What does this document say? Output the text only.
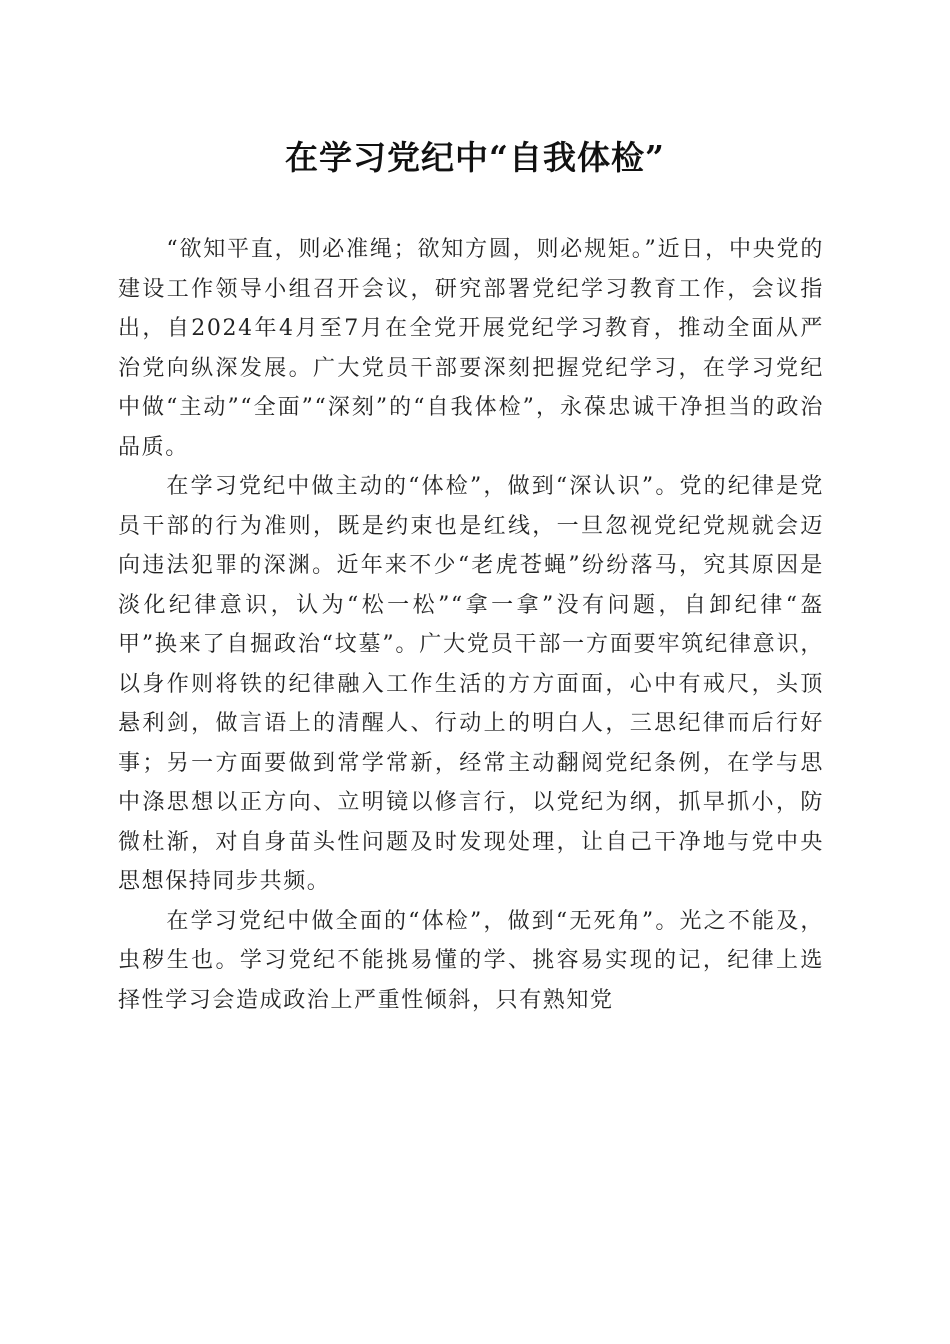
在学习党纪中“自我体检”

“欲知平直，则必准绳；欲知方圆，则必规矩。”近日，中央党的建设工作领导小组召开会议，研究部署党纪学习教育工作，会议指出，自2024年4月至7月在全党开展党纪学习教育，推动全面从严治党向纵深发展。广大党员干部要深刻把握党纪学习，在学习党纪中做“主动”“全面”“深刻”的“自我体检”，永葆忠诚干净担当的政治品质。

在学习党纪中做主动的“体检”，做到“深认识”。党的纪律是党员干部的行为准则，既是约束也是红线，一旦忽视党纪党规就会迈向违法犯罪的深渊。近年来不少“老虎苍蝇”纷纷落马，究其原因是淡化纪律意识，认为“松一松”“拿一拿”没有问题，自卸纪律“盔甲”换来了自掘政治“坟墓”。广大党员干部一方面要牢筑纪律意识，以身作则将铁的纪律融入工作生活的方方面面，心中有戒尺，头顶悬利剑，做言语上的清醒人、行动上的明白人，三思纪律而后行好事；另一方面要做到常学常新，经常主动翻阅党纪条例，在学与思中涤思想以正方向、立明镜以修言行，以党纪为纲，抓早抓小，防微杜渐，对自身苗头性问题及时发现处理，让自己干净地与党中央思想保持同步共频。

在学习党纪中做全面的“体检”，做到“无死角”。光之不能及，虫秽生也。学习党纪不能挑易懂的学、挑容易实现的记，纪律上选择性学习会造成政治上严重性倾斜，只有熟知党
